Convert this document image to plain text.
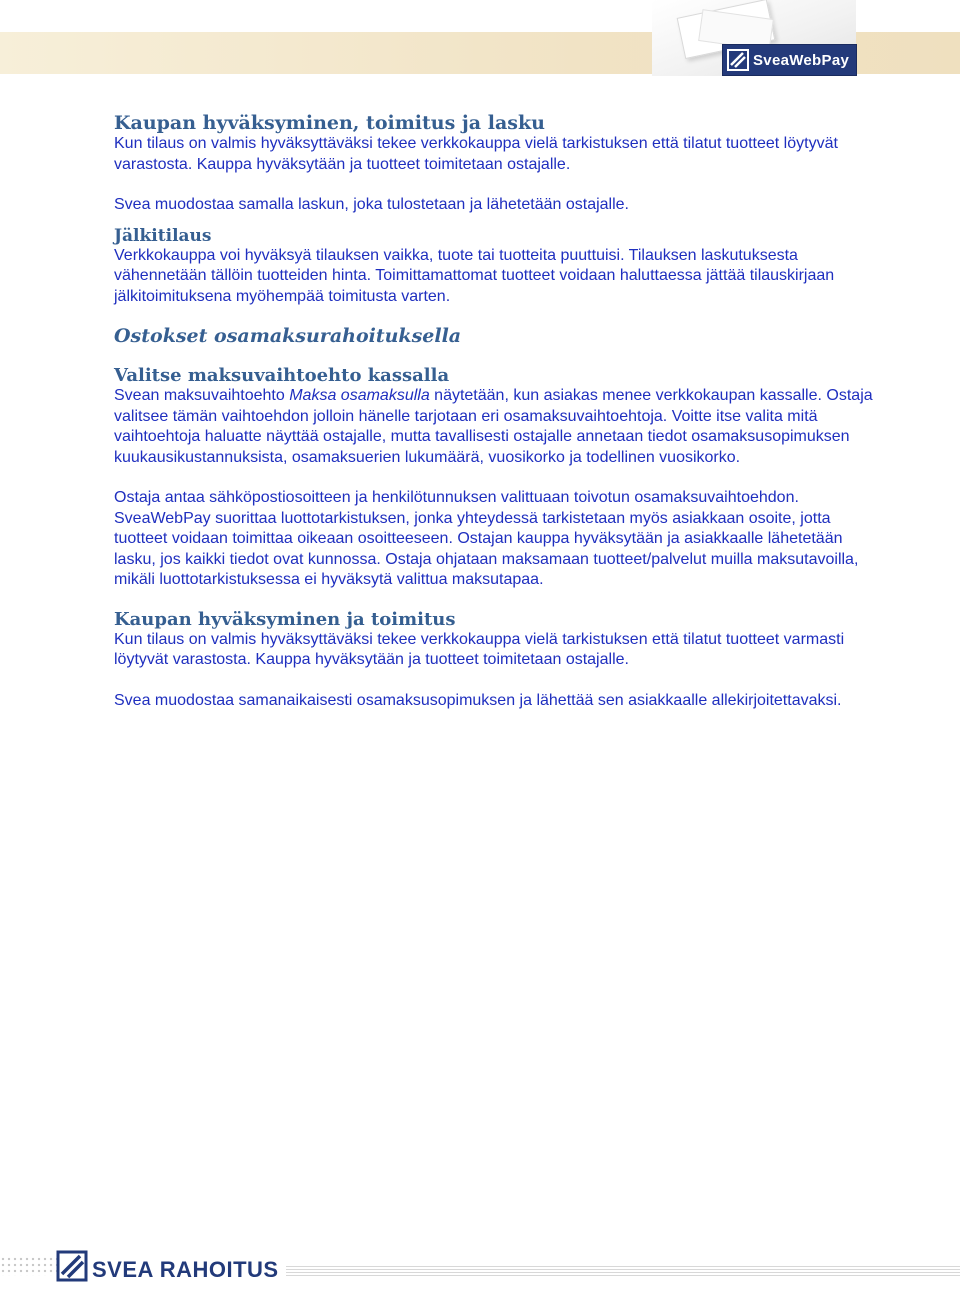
SveaWebPay
Kaupan hyväksyminen, toimitus ja lasku

Kun tilaus on valmis hyväksyttäväksi tekee verkkokauppa vielä tarkistuksen että tilatut tuotteet löytyvät varastosta. Kauppa hyväksytään ja tuotteet toimitetaan ostajalle.

Svea muodostaa samalla laskun, joka tulostetaan ja lähetetään ostajalle.

Jälkitilaus

Verkkokauppa voi hyväksyä tilauksen vaikka, tuote tai tuotteita puuttuisi. Tilauksen laskutuksesta vähennetään tällöin tuotteiden hinta. Toimittamattomat tuotteet voidaan haluttaessa jättää tilauskirjaan jälkitoimituksena myöhempää toimitusta varten.

Ostokset osamaksurahoituksella
Valitse maksuvaihtoehto kassalla

Svean maksuvaihtoehto Maksa osamaksulla näytetään, kun asiakas menee verkkokaupan kassalle. Ostaja valitsee tämän vaihtoehdon jolloin hänelle tarjotaan eri osamaksuvaihtoehtoja. Voitte itse valita mitä vaihtoehtoja haluatte näyttää ostajalle, mutta tavallisesti ostajalle annetaan tiedot osamaksusopimuksen kuukausikustannuksista, osamaksuerien lukumäärä, vuosikorko ja todellinen vuosikorko.

Ostaja antaa sähköpostiosoitteen ja henkilötunnuksen valittuaan toivotun osamaksuvaihtoehdon. SveaWebPay suorittaa luottotarkistuksen, jonka yhteydessä tarkistetaan myös asiakkaan osoite, jotta tuotteet voidaan toimittaa oikeaan osoitteeseen. Ostajan kauppa hyväksytään ja asiakkaalle lähetetään lasku, jos kaikki tiedot ovat kunnossa. Ostaja ohjataan maksamaan tuotteet/palvelut muilla maksutavoilla, mikäli luottotarkistuksessa ei hyväksytä valittua maksutapaa.

Kaupan hyväksyminen ja toimitus

Kun tilaus on valmis hyväksyttäväksi tekee verkkokauppa vielä tarkistuksen että tilatut tuotteet varmasti löytyvät varastosta. Kauppa hyväksytään ja tuotteet toimitetaan ostajalle.

Svea muodostaa samanaikaisesti osamaksusopimuksen ja lähettää sen asiakkaalle allekirjoitettavaksi.

SVEA RAHOITUS
